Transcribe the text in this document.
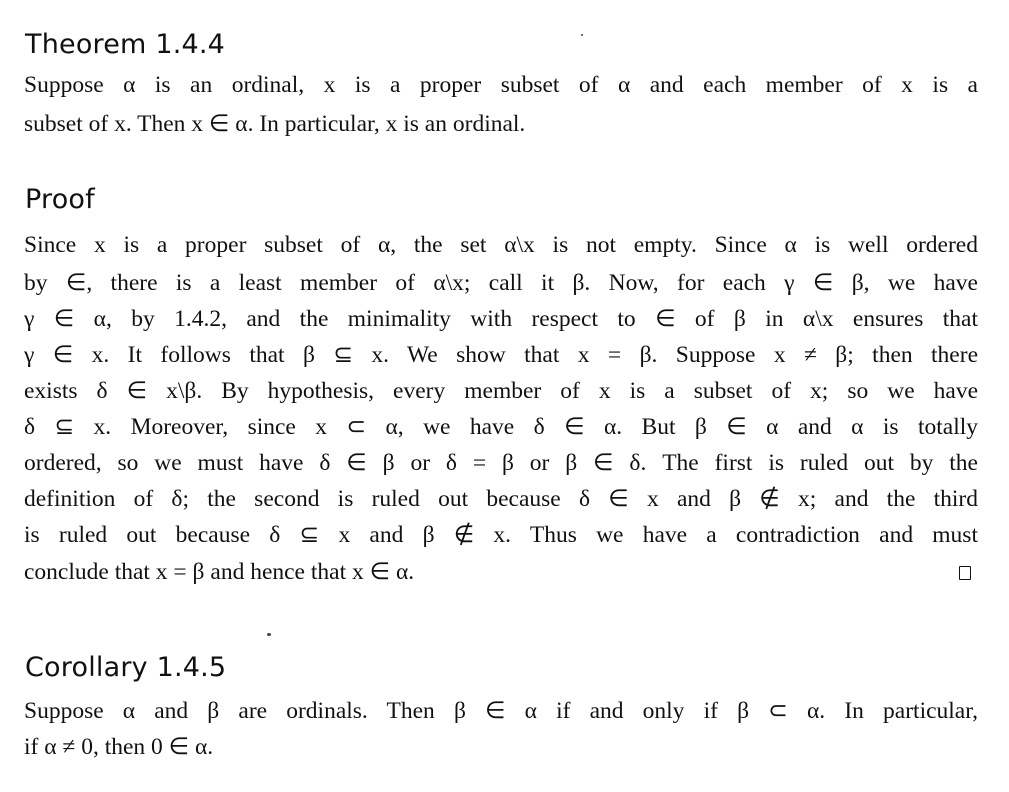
Theorem 1.4.4

Suppose α is an ordinal, x is a proper subset of α and each member of x is a

subset of x. Then x ∈ α. In particular, x is an ordinal.

Proof

Since x is a proper subset of α, the set α\x is not empty. Since α is well ordered

by ∈, there is a least member of α\x; call it β. Now, for each γ ∈ β, we have

γ ∈ α, by 1.4.2, and the minimality with respect to ∈ of β in α\x ensures that

γ ∈ x. It follows that β ⊆ x. We show that x = β. Suppose x ≠ β; then there

exists δ ∈ x\β. By hypothesis, every member of x is a subset of x; so we have

δ ⊆ x. Moreover, since x ⊂ α, we have δ ∈ α. But β ∈ α and α is totally

ordered, so we must have δ ∈ β or δ = β or β ∈ δ. The first is ruled out by the

definition of δ; the second is ruled out because δ ∈ x and β ∉ x; and the third

is ruled out because δ ⊆ x and β ∉ x. Thus we have a contradiction and must

conclude that x = β and hence that x ∈ α.

Corollary 1.4.5

Suppose α and β are ordinals. Then β ∈ α if and only if β ⊂ α. In particular,

if α ≠ 0, then 0 ∈ α.
